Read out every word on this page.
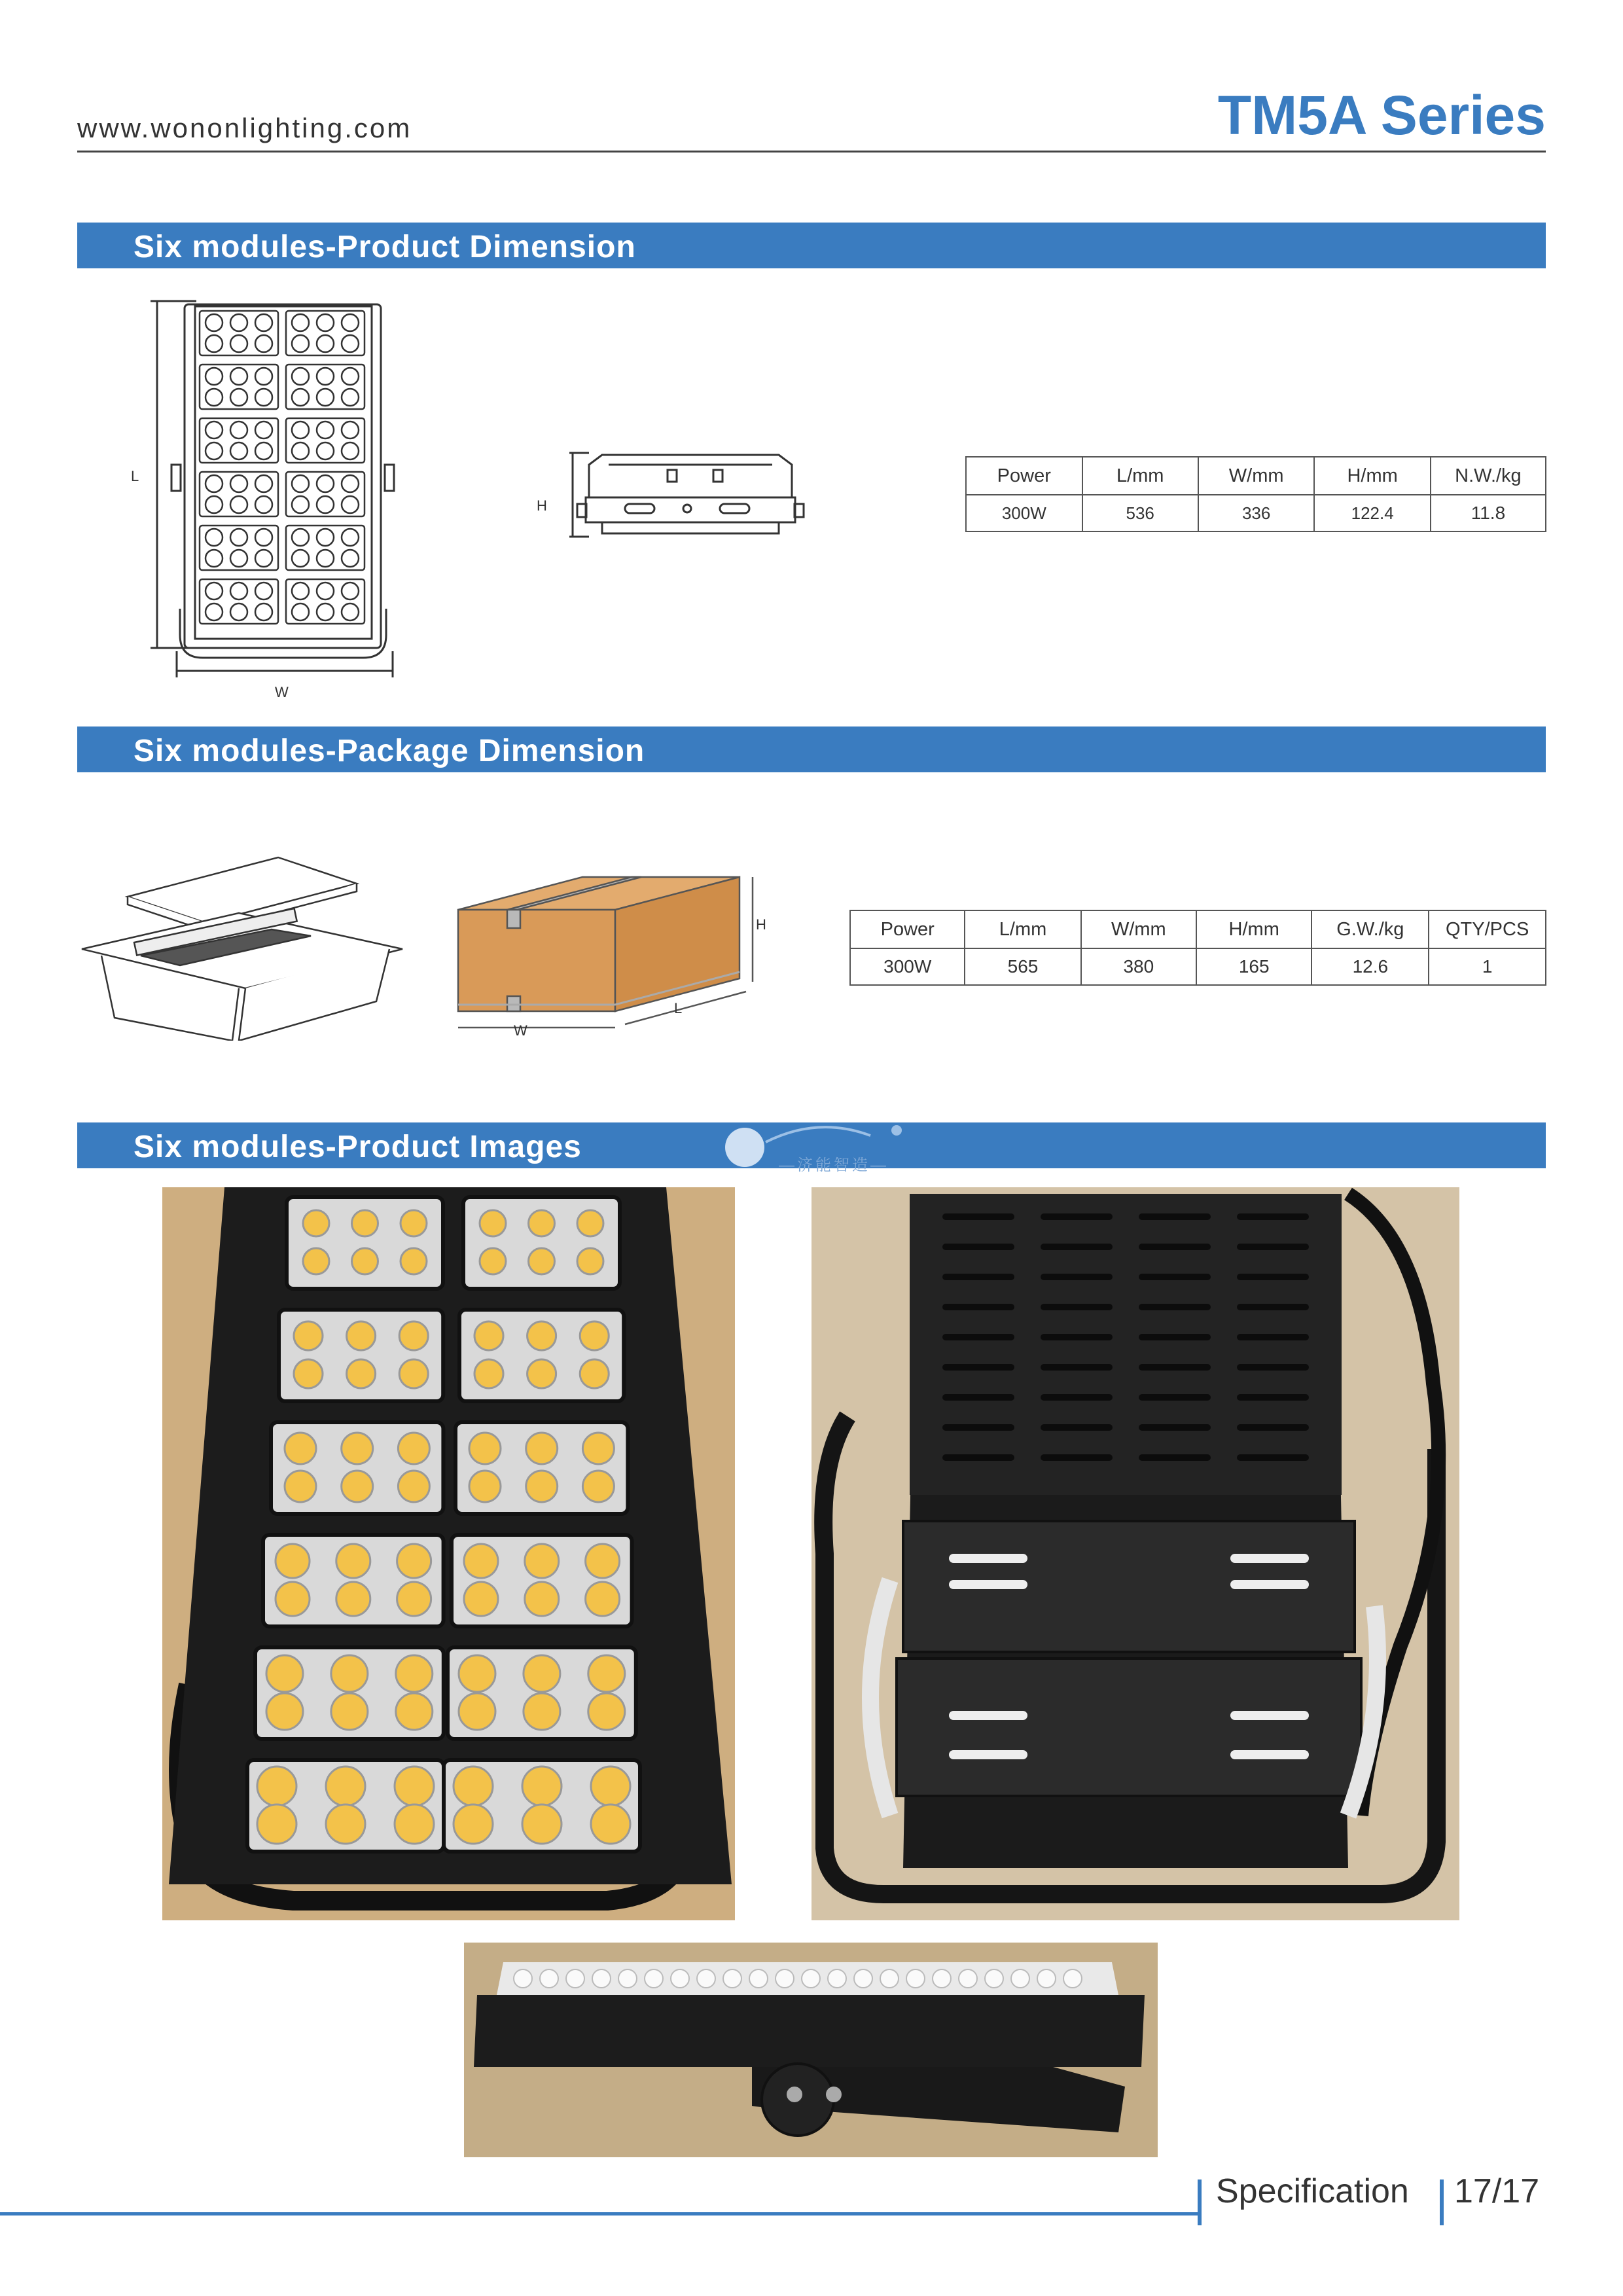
www.wononlighting.com	TM5A Series
Six modules-Product Dimension
L
W
H
Power	L/mm	W/mm	H/mm	N.W./kg
300W	536	336	122.4	11.8
Six modules-Package Dimension
H
L
W
Power	L/mm	W/mm	H/mm	G.W./kg	QTY/PCS
300W	565	380	165	12.6	1
Six modules-Product Images
—济能智造—
Specification 17/17
